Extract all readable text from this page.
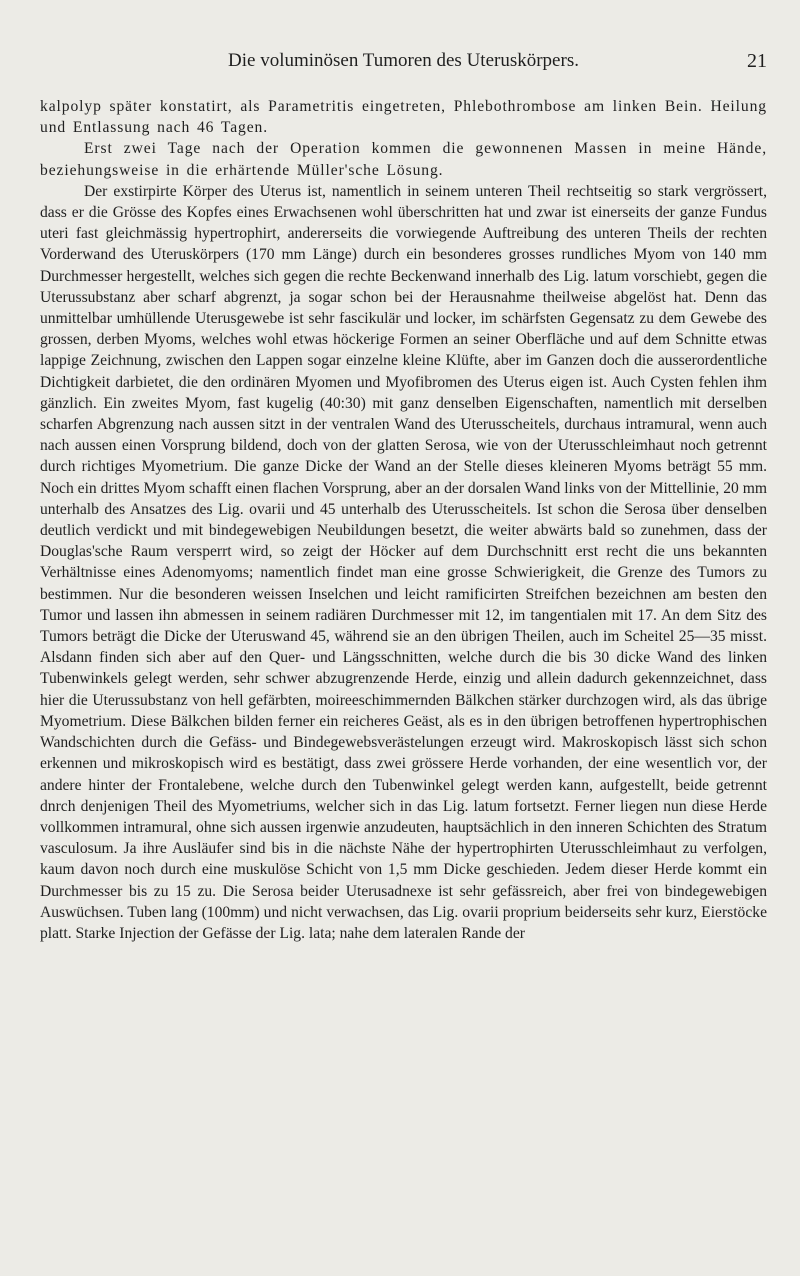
Die voluminösen Tumoren des Uteruskörpers.	21

kalpolyp später konstatirt, als Parametritis eingetreten, Phlebothrombose am linken Bein. Heilung und Entlassung nach 46 Tagen.

Erst zwei Tage nach der Operation kommen die gewonnenen Massen in meine Hände, beziehungsweise in die erhärtende Müller'sche Lösung.

Der exstirpirte Körper des Uterus ist, namentlich in seinem unteren Theil rechtseitig so stark vergrössert, dass er die Grösse des Kopfes eines Erwachsenen wohl überschritten hat und zwar ist einerseits der ganze Fundus uteri fast gleichmässig hypertrophirt, andererseits die vorwiegende Auftreibung des unteren Theils der rechten Vorderwand des Uteruskörpers (170 mm Länge) durch ein besonderes grosses rundliches Myom von 140 mm Durchmesser hergestellt, welches sich gegen die rechte Beckenwand innerhalb des Lig. latum vorschiebt, gegen die Uterussubstanz aber scharf abgrenzt, ja sogar schon bei der Herausnahme theilweise abgelöst hat. Denn das unmittelbar umhüllende Uterusgewebe ist sehr fascikulär und locker, im schärfsten Gegensatz zu dem Gewebe des grossen, derben Myoms, welches wohl etwas höckerige Formen an seiner Oberfläche und auf dem Schnitte etwas lappige Zeichnung, zwischen den Lappen sogar einzelne kleine Klüfte, aber im Ganzen doch die ausserordentliche Dichtigkeit darbietet, die den ordinären Myomen und Myofibromen des Uterus eigen ist. Auch Cysten fehlen ihm gänzlich. Ein zweites Myom, fast kugelig (40:30) mit ganz denselben Eigenschaften, namentlich mit derselben scharfen Abgrenzung nach aussen sitzt in der ventralen Wand des Uterusscheitels, durchaus intramural, wenn auch nach aussen einen Vorsprung bildend, doch von der glatten Serosa, wie von der Uterusschleimhaut noch getrennt durch richtiges Myometrium. Die ganze Dicke der Wand an der Stelle dieses kleineren Myoms beträgt 55 mm. Noch ein drittes Myom schafft einen flachen Vorsprung, aber an der dorsalen Wand links von der Mittellinie, 20 mm unterhalb des Ansatzes des Lig. ovarii und 45 unterhalb des Uterusscheitels. Ist schon die Serosa über denselben deutlich verdickt und mit bindegewebigen Neubildungen besetzt, die weiter abwärts bald so zunehmen, dass der Douglas'sche Raum versperrt wird, so zeigt der Höcker auf dem Durchschnitt erst recht die uns bekannten Verhältnisse eines Adenomyoms; namentlich findet man eine grosse Schwierigkeit, die Grenze des Tumors zu bestimmen. Nur die besonderen weissen Inselchen und leicht ramificirten Streifchen bezeichnen am besten den Tumor und lassen ihn abmessen in seinem radiären Durchmesser mit 12, im tangentialen mit 17. An dem Sitz des Tumors beträgt die Dicke der Uteruswand 45, während sie an den übrigen Theilen, auch im Scheitel 25—35 misst. Alsdann finden sich aber auf den Quer- und Längsschnitten, welche durch die bis 30 dicke Wand des linken Tubenwinkels gelegt werden, sehr schwer abzugrenzende Herde, einzig und allein dadurch gekennzeichnet, dass hier die Uterussubstanz von hell gefärbten, moireeschimmernden Bälkchen stärker durchzogen wird, als das übrige Myometrium. Diese Bälkchen bilden ferner ein reicheres Geäst, als es in den übrigen betroffenen hypertrophischen Wandschichten durch die Gefäss- und Bindegewebsverästelungen erzeugt wird. Makroskopisch lässt sich schon erkennen und mikroskopisch wird es bestätigt, dass zwei grössere Herde vorhanden, der eine wesentlich vor, der andere hinter der Frontalebene, welche durch den Tubenwinkel gelegt werden kann, aufgestellt, beide getrennt dnrch denjenigen Theil des Myometriums, welcher sich in das Lig. latum fortsetzt. Ferner liegen nun diese Herde vollkommen intramural, ohne sich aussen irgenwie anzudeuten, hauptsächlich in den inneren Schichten des Stratum vasculosum. Ja ihre Ausläufer sind bis in die nächste Nähe der hypertrophirten Uterusschleimhaut zu verfolgen, kaum davon noch durch eine muskulöse Schicht von 1,5 mm Dicke geschieden. Jedem dieser Herde kommt ein Durchmesser bis zu 15 zu. Die Serosa beider Uterusadnexe ist sehr gefässreich, aber frei von bindegewebigen Auswüchsen. Tuben lang (100mm) und nicht verwachsen, das Lig. ovarii proprium beiderseits sehr kurz, Eierstöcke platt. Starke Injection der Gefässe der Lig. lata; nahe dem lateralen Rande der
